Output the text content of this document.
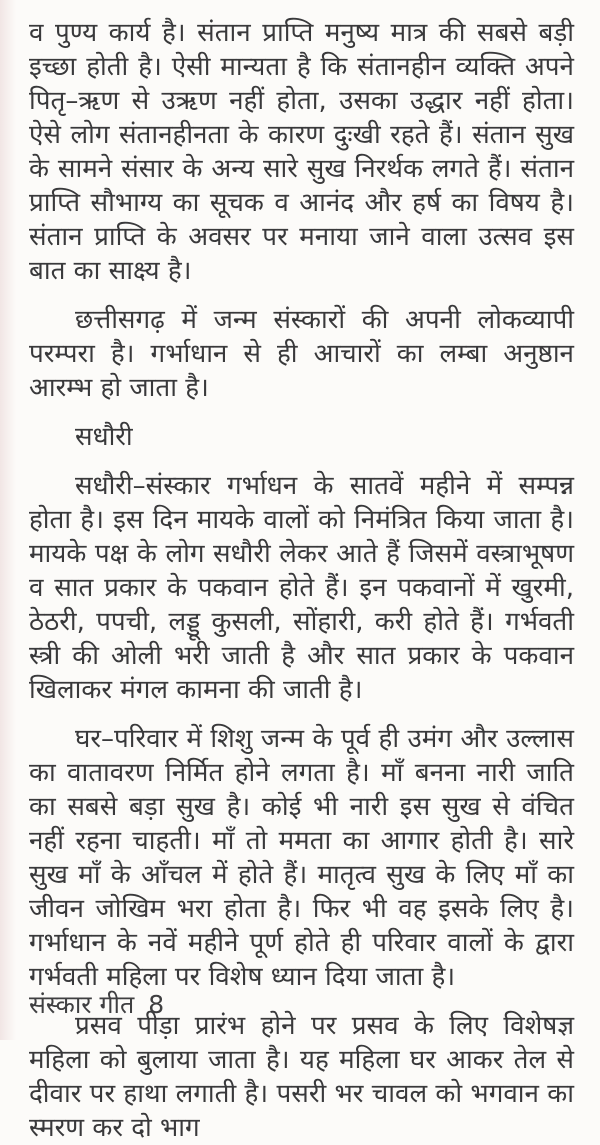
व पुण्य कार्य है। संतान प्राप्ति मनुष्य मात्र की सबसे बड़ी इच्छा होती है। ऐसी मान्यता है कि संतानहीन व्यक्ति अपने पितृ–ऋण से उऋण नहीं होता, उसका उद्धार नहीं होता। ऐसे लोग संतानहीनता के कारण दुःखी रहते हैं। संतान सुख के सामने संसार के अन्य सारे सुख निरर्थक लगते हैं। संतान प्राप्ति सौभाग्य का सूचक व आनंद और हर्ष का विषय है। संतान प्राप्ति के अवसर पर मनाया जाने वाला उत्सव इस बात का साक्ष्य है।

छत्तीसगढ़ में जन्म संस्कारों की अपनी लोकव्यापी परम्परा है। गर्भाधान से ही आचारों का लम्बा अनुष्ठान आरम्भ हो जाता है।

सधौरी

सधौरी–संस्कार गर्भाधन के सातवें महीने में सम्पन्न होता है। इस दिन मायके वालों को निमंत्रित किया जाता है। मायके पक्ष के लोग सधौरी लेकर आते हैं जिसमें वस्त्राभूषण व सात प्रकार के पकवान होते हैं। इन पकवानों में खुरमी, ठेठरी, पपची, लड्डू कुसली, सोंहारी, करी होते हैं। गर्भवती स्त्री की ओली भरी जाती है और सात प्रकार के पकवान खिलाकर मंगल कामना की जाती है।

घर–परिवार में शिशु जन्म के पूर्व ही उमंग और उल्लास का वातावरण निर्मित होने लगता है। माँ बनना नारी जाति का सबसे बड़ा सुख है। कोई भी नारी इस सुख से वंचित नहीं रहना चाहती। माँ तो ममता का आगार होती है। सारे सुख माँ के आँचल में होते हैं। मातृत्व सुख के लिए माँ का जीवन जोखिम भरा होता है। फिर भी वह इसके लिए है। गर्भाधान के नवें महीने पूर्ण होते ही परिवार वालों के द्वारा गर्भवती महिला पर विशेष ध्यान दिया जाता है।

प्रसव पीड़ा प्रारंभ होने पर प्रसव के लिए विशेषज्ञ महिला को बुलाया जाता है। यह महिला घर आकर तेल से दीवार पर हाथा लगाती है। पसरी भर चावल को भगवान का स्मरण कर दो भाग

संस्कार गीत 8
